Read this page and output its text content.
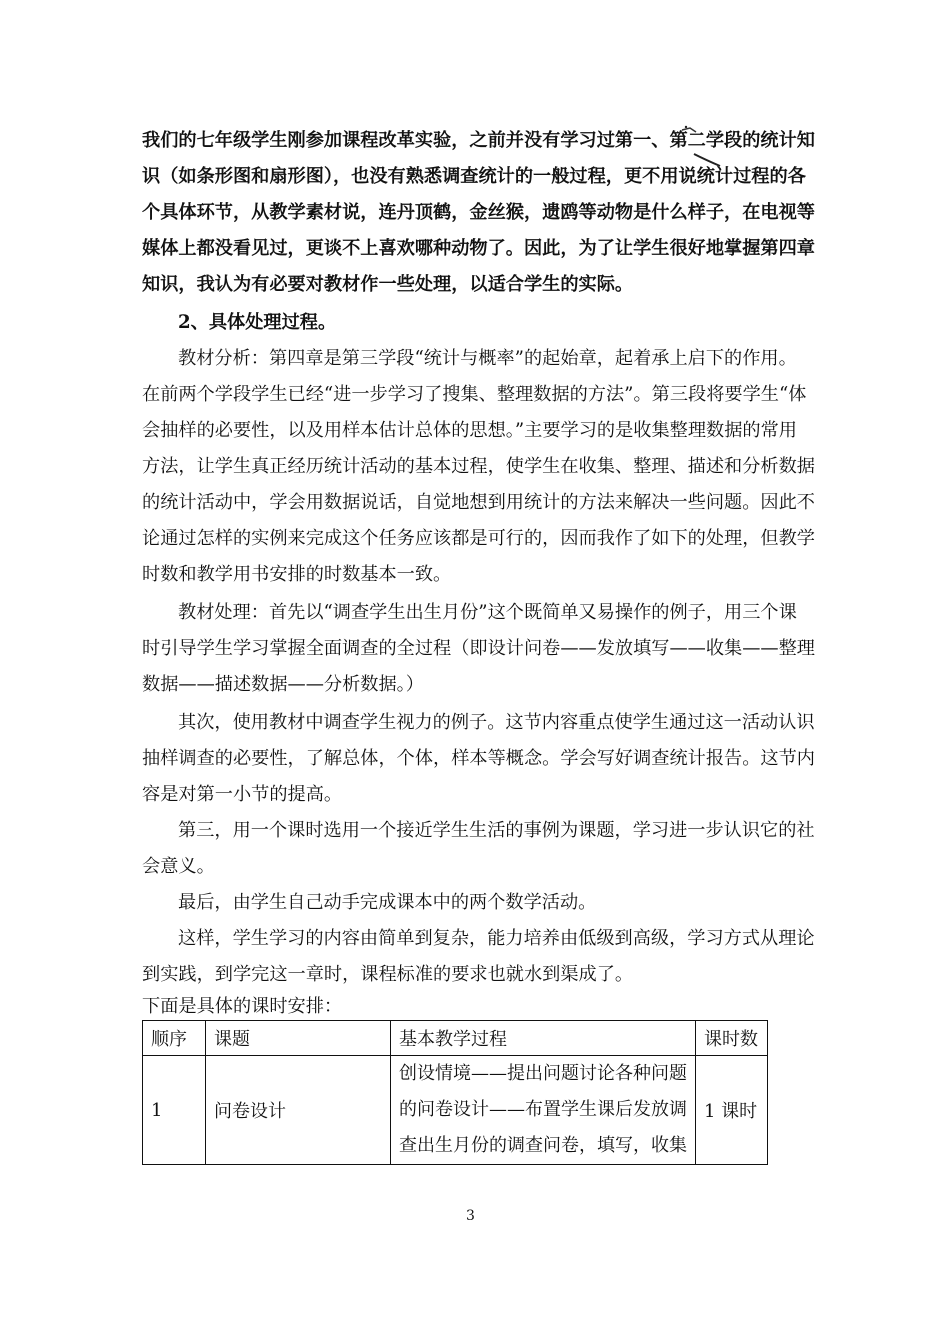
我们的七年级学生刚参加课程改革实验，之前并没有学习过第一、第二学段的统计知
识（如条形图和扇形图），也没有熟悉调查统计的一般过程，更不用说统计过程的各
个具体环节，从教学素材说，连丹顶鹤，金丝猴，遗鸥等动物是什么样子，在电视等
媒体上都没看见过，更谈不上喜欢哪种动物了。因此，为了让学生很好地掌握第四章
知识，我认为有必要对教材作一些处理，以适合学生的实际。
2、具体处理过程。
教材分析：第四章是第三学段“统计与概率”的起始章，起着承上启下的作用。
在前两个学段学生已经“进一步学习了搜集、整理数据的方法”。第三段将要学生“体
会抽样的必要性，以及用样本估计总体的思想。”主要学习的是收集整理数据的常用
方法，让学生真正经历统计活动的基本过程，使学生在收集、整理、描述和分析数据
的统计活动中，学会用数据说话，自觉地想到用统计的方法来解决一些问题。因此不
论通过怎样的实例来完成这个任务应该都是可行的，因而我作了如下的处理，但教学
时数和教学用书安排的时数基本一致。
教材处理：首先以“调查学生出生月份”这个既简单又易操作的例子，用三个课
时引导学生学习掌握全面调查的全过程（即设计问卷——发放填写——收集——整理
数据——描述数据——分析数据。）
其次，使用教材中调查学生视力的例子。这节内容重点使学生通过这一活动认识
抽样调查的必要性，了解总体，个体，样本等概念。学会写好调查统计报告。这节内
容是对第一小节的提高。
第三，用一个课时选用一个接近学生生活的事例为课题，学习进一步认识它的社
会意义。
最后，由学生自己动手完成课本中的两个数学活动。
这样，学生学习的内容由简单到复杂，能力培养由低级到高级，学习方式从理论
到实践，到学完这一章时，课程标准的要求也就水到渠成了。
下面是具体的课时安排：
顺序	课题	基本教学过程	课时数
1	问卷设计	创设情境——提出问题讨论各种问题
的问卷设计——布置学生课后发放调
查出生月份的调查问卷，填写，收集	1 课时
3
